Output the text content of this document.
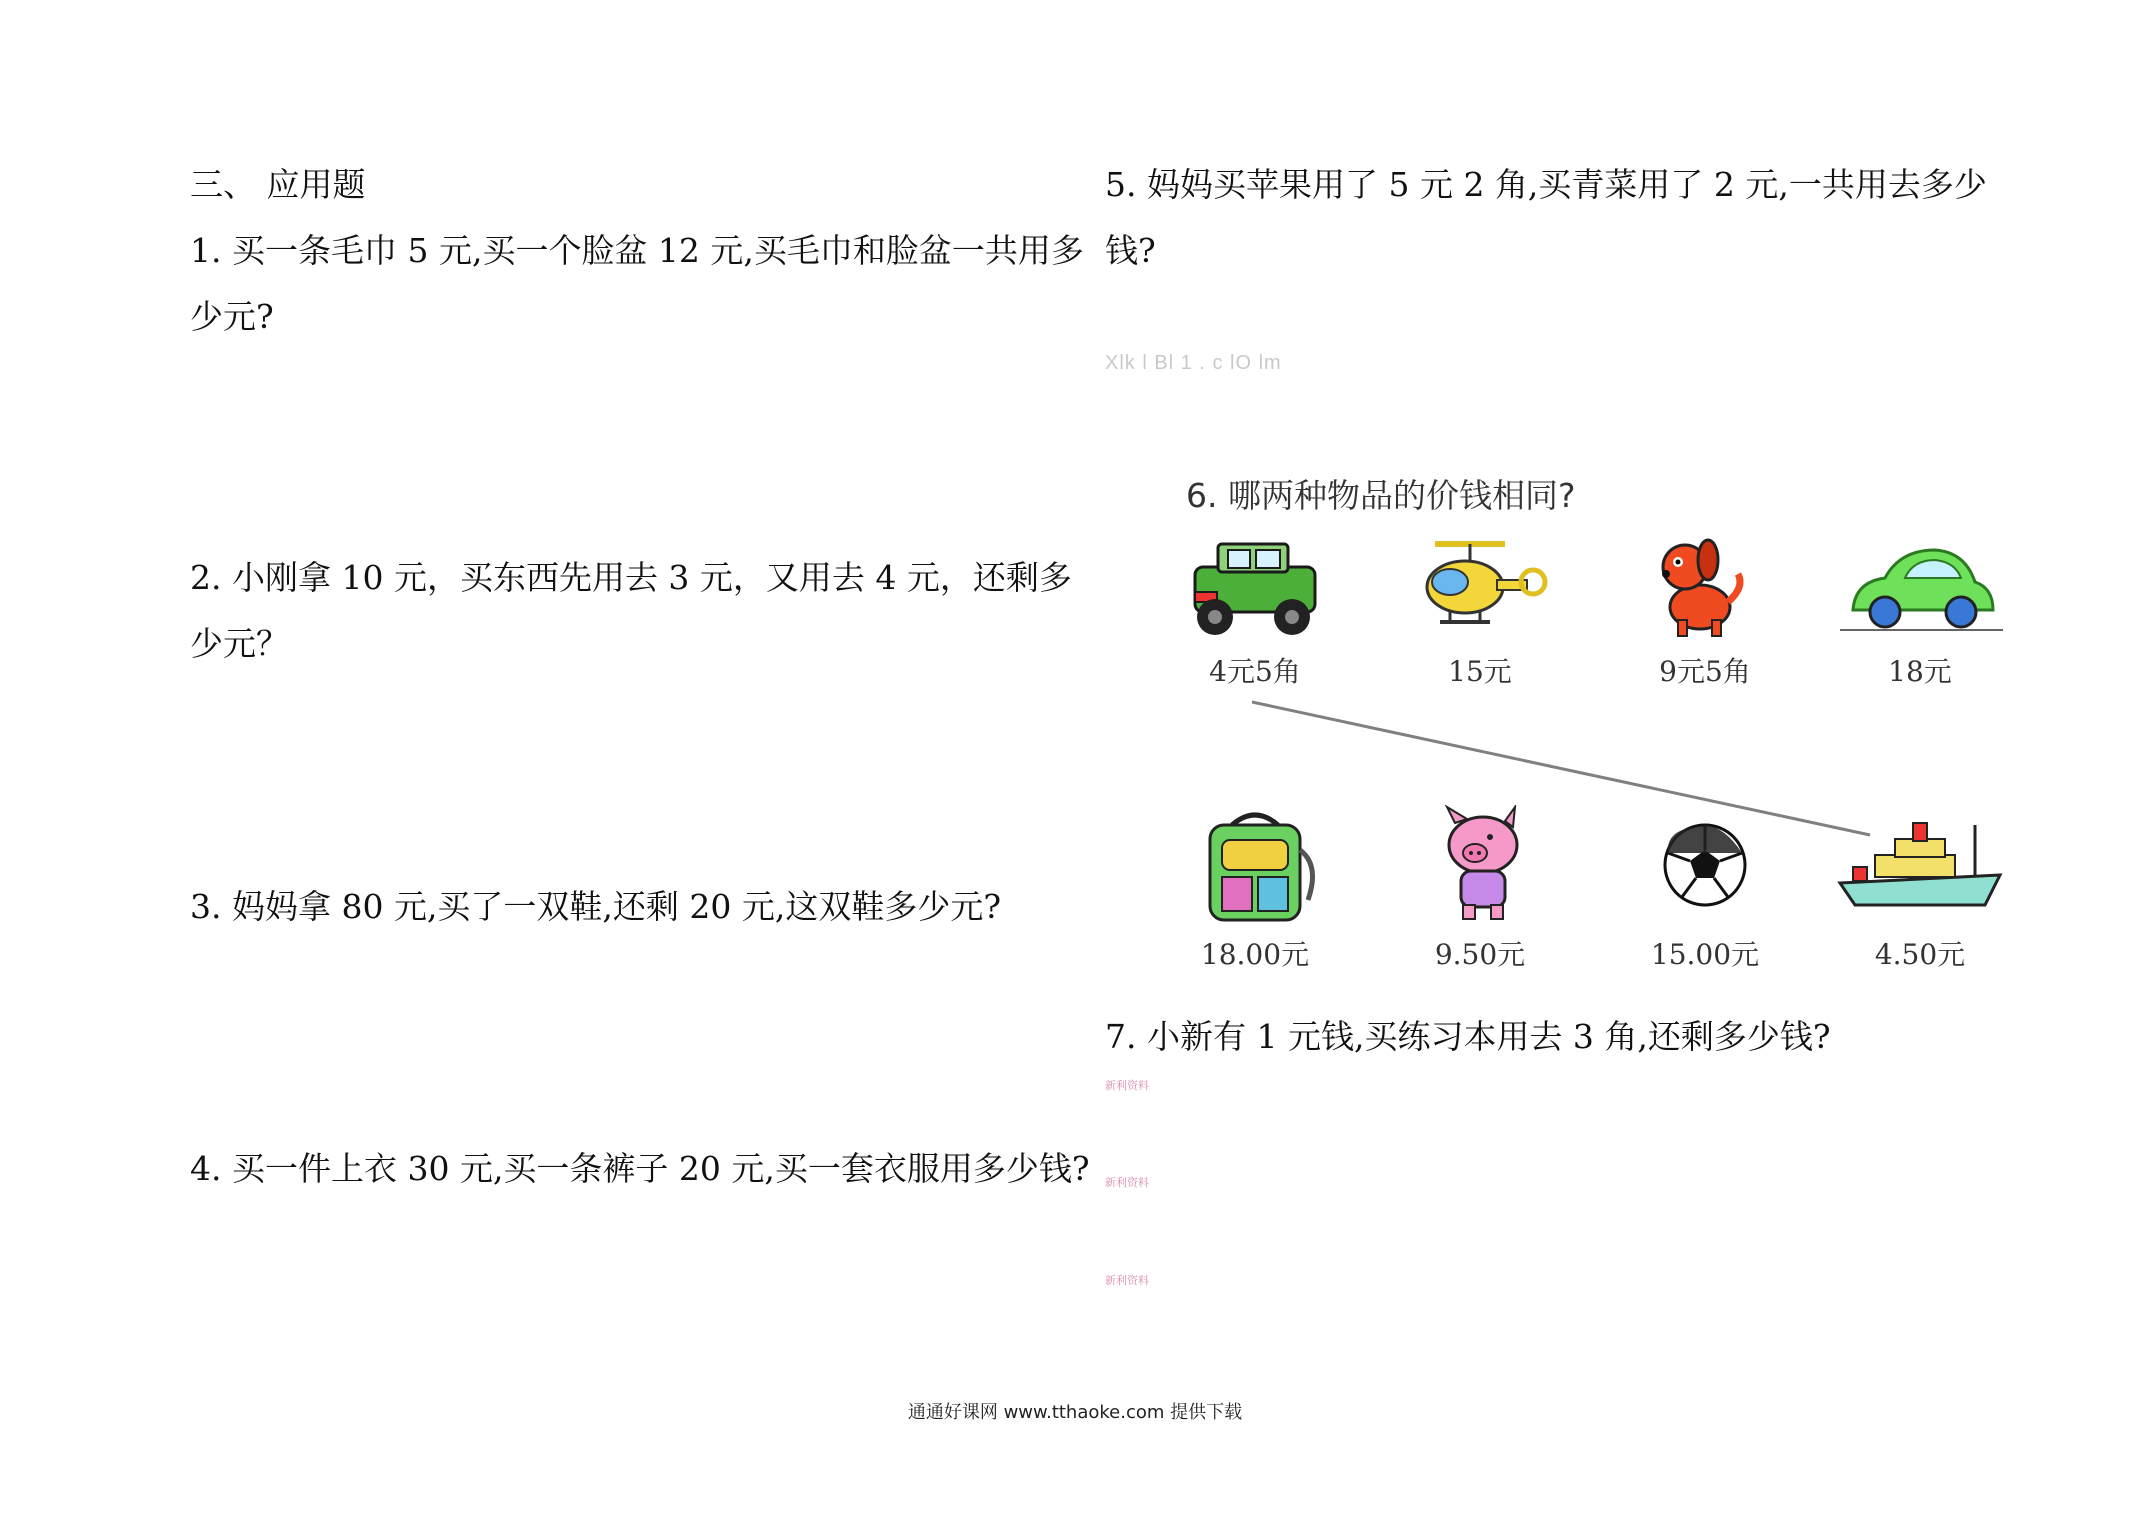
三、 应用题
1. 买一条毛巾 5 元,买一个脸盆 12 元,买毛巾和脸盆一共用多
少元?
2. 小刚拿 10 元，买东西先用去 3 元，又用去 4 元，还剩多
少元？
3. 妈妈拿 80 元,买了一双鞋,还剩 20 元,这双鞋多少元?
4. 买一件上衣 30 元,买一条裤子 20 元,买一套衣服用多少钱?
5. 妈妈买苹果用了 5 元 2 角,买青菜用了 2 元,一共用去多少
钱?
Xlk l Bl 1 . c lO lm
6. 哪两种物品的价钱相同?
4元5角	15元	9元5角	18元
18.00元	9.50元	15.00元	4.50元
7. 小新有 1 元钱,买练习本用去 3 角,还剩多少钱?
新利资料
新利资料
新利资料
通通好课网 www.tthaoke.com 提供下载
